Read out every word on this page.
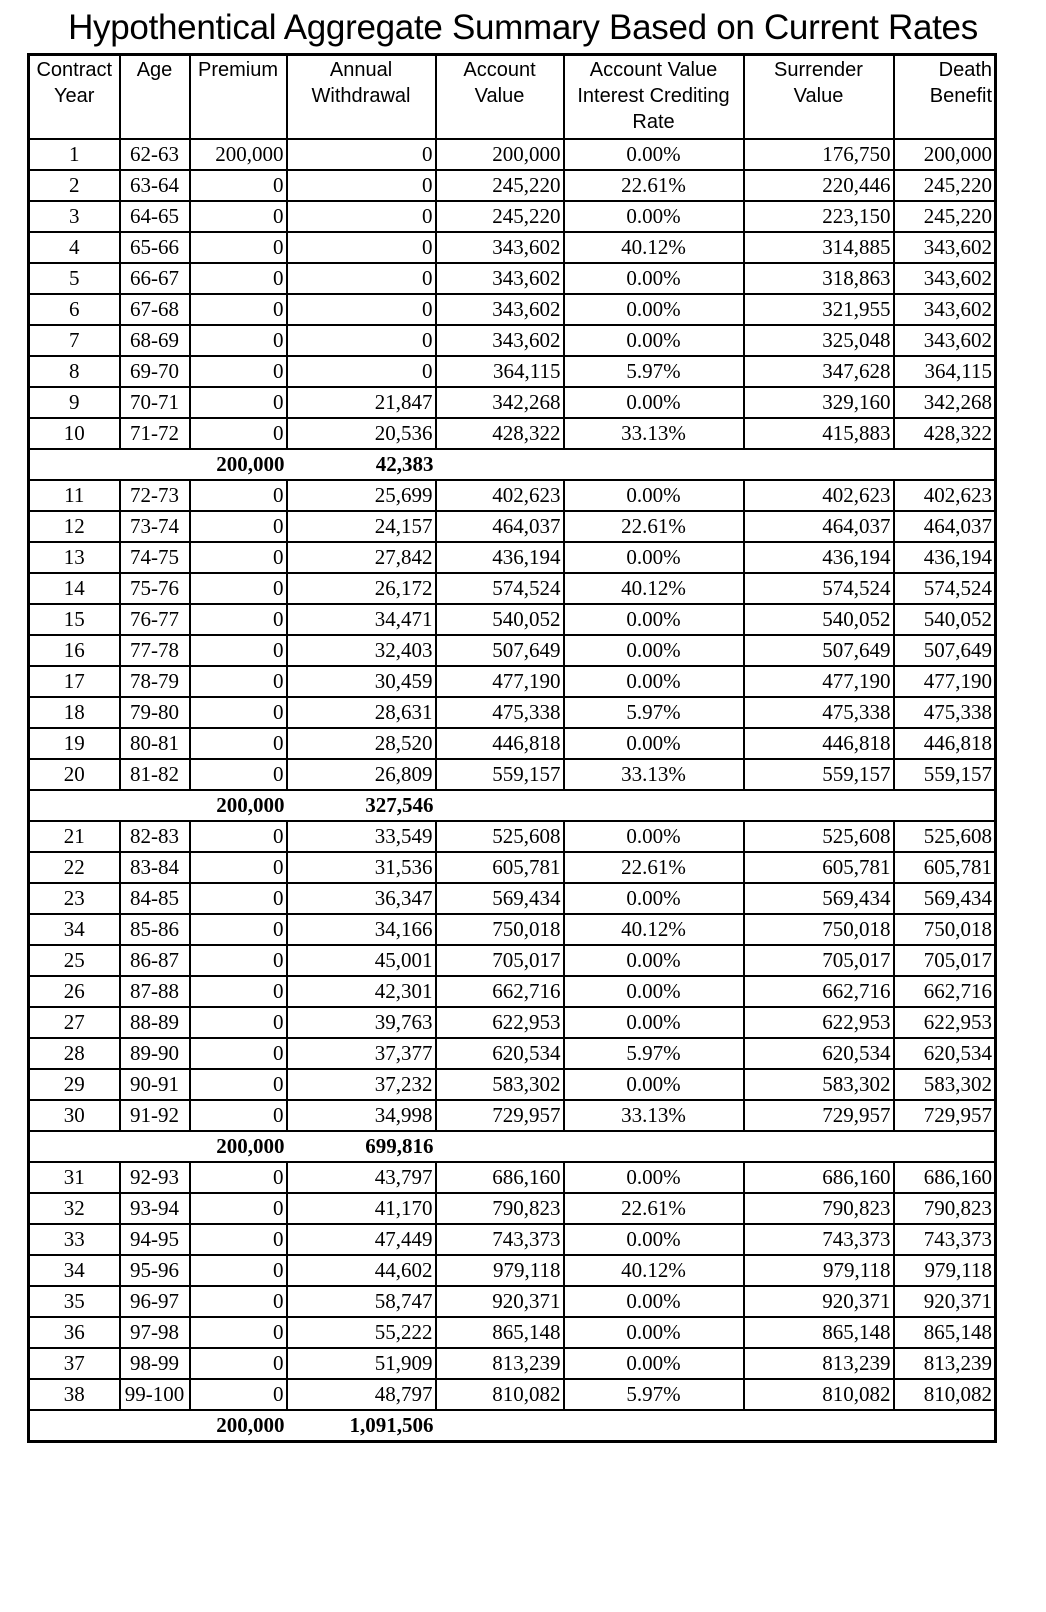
Hypothentical Aggregate Summary Based on Current Rates
Contract Year	Age	Premium	Annual Withdrawal	Account Value	Account Value Interest Crediting Rate	Surrender Value	Death Benefit
1	62-63	200,000	0	200,000	0.00%	176,750	200,000
2	63-64	0	0	245,220	22.61%	220,446	245,220
3	64-65	0	0	245,220	0.00%	223,150	245,220
4	65-66	0	0	343,602	40.12%	314,885	343,602
5	66-67	0	0	343,602	0.00%	318,863	343,602
6	67-68	0	0	343,602	0.00%	321,955	343,602
7	68-69	0	0	343,602	0.00%	325,048	343,602
8	69-70	0	0	364,115	5.97%	347,628	364,115
9	70-71	0	21,847	342,268	0.00%	329,160	342,268
10	71-72	0	20,536	428,322	33.13%	415,883	428,322
		200,000	42,383				
11	72-73	0	25,699	402,623	0.00%	402,623	402,623
12	73-74	0	24,157	464,037	22.61%	464,037	464,037
13	74-75	0	27,842	436,194	0.00%	436,194	436,194
14	75-76	0	26,172	574,524	40.12%	574,524	574,524
15	76-77	0	34,471	540,052	0.00%	540,052	540,052
16	77-78	0	32,403	507,649	0.00%	507,649	507,649
17	78-79	0	30,459	477,190	0.00%	477,190	477,190
18	79-80	0	28,631	475,338	5.97%	475,338	475,338
19	80-81	0	28,520	446,818	0.00%	446,818	446,818
20	81-82	0	26,809	559,157	33.13%	559,157	559,157
		200,000	327,546				
21	82-83	0	33,549	525,608	0.00%	525,608	525,608
22	83-84	0	31,536	605,781	22.61%	605,781	605,781
23	84-85	0	36,347	569,434	0.00%	569,434	569,434
34	85-86	0	34,166	750,018	40.12%	750,018	750,018
25	86-87	0	45,001	705,017	0.00%	705,017	705,017
26	87-88	0	42,301	662,716	0.00%	662,716	662,716
27	88-89	0	39,763	622,953	0.00%	622,953	622,953
28	89-90	0	37,377	620,534	5.97%	620,534	620,534
29	90-91	0	37,232	583,302	0.00%	583,302	583,302
30	91-92	0	34,998	729,957	33.13%	729,957	729,957
		200,000	699,816				
31	92-93	0	43,797	686,160	0.00%	686,160	686,160
32	93-94	0	41,170	790,823	22.61%	790,823	790,823
33	94-95	0	47,449	743,373	0.00%	743,373	743,373
34	95-96	0	44,602	979,118	40.12%	979,118	979,118
35	96-97	0	58,747	920,371	0.00%	920,371	920,371
36	97-98	0	55,222	865,148	0.00%	865,148	865,148
37	98-99	0	51,909	813,239	0.00%	813,239	813,239
38	99-100	0	48,797	810,082	5.97%	810,082	810,082
		200,000	1,091,506				
